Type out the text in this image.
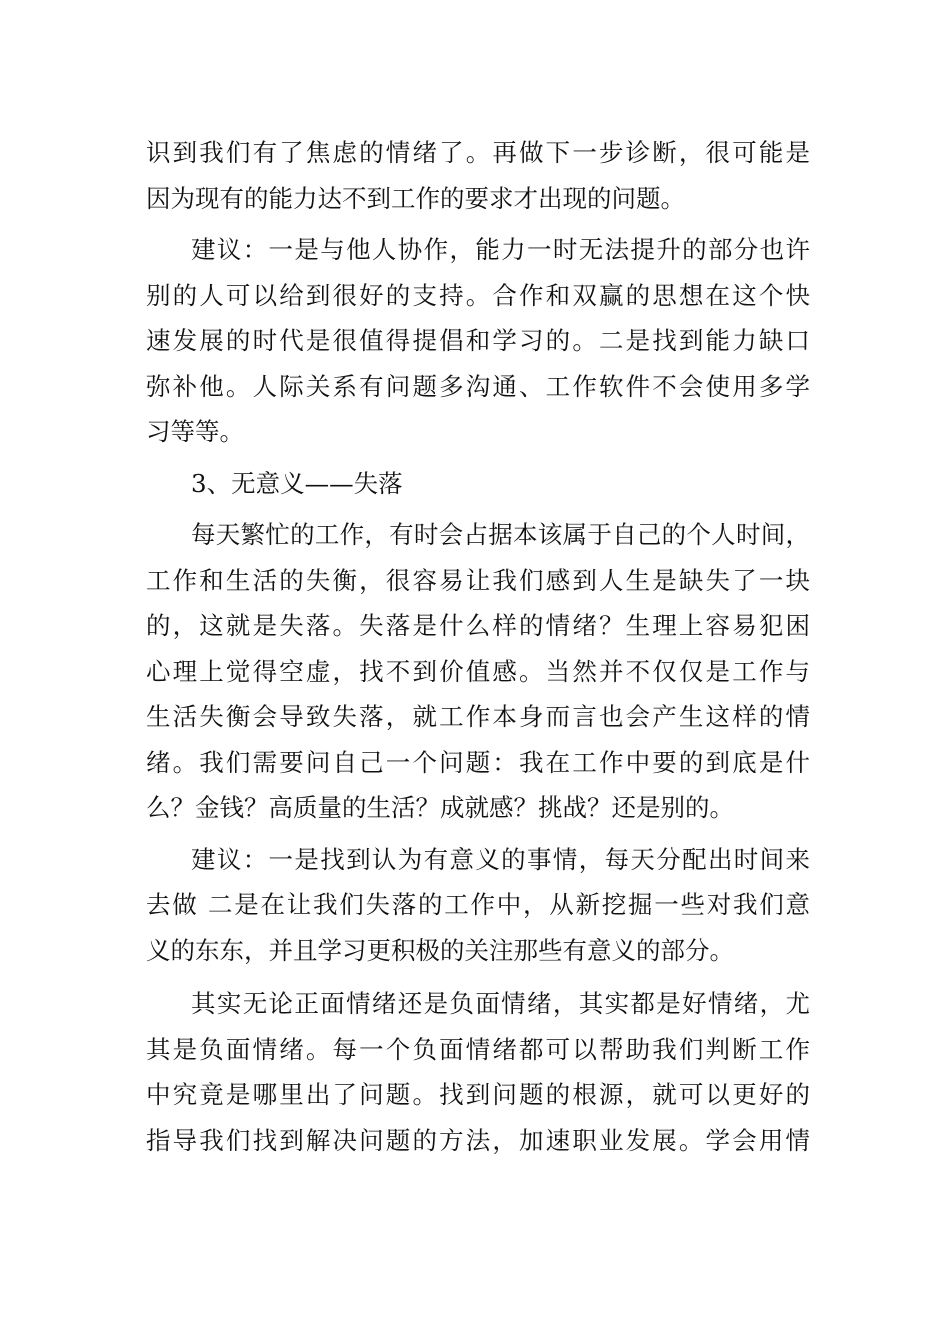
识到我们有了焦虑的情绪了。再做下一步诊断，很可能是
因为现有的能力达不到工作的要求才出现的问题。
建议：一是与他人协作，能力一时无法提升的部分也许
别的人可以给到很好的支持。合作和双赢的思想在这个快
速发展的时代是很值得提倡和学习的。二是找到能力缺口
弥补他。人际关系有问题多沟通、工作软件不会使用多学
习等等。
3、无意义——失落
每天繁忙的工作，有时会占据本该属于自己的个人时间，
工作和生活的失衡，很容易让我们感到人生是缺失了一块
的，这就是失落。失落是什么样的情绪？生理上容易犯困
心理上觉得空虚，找不到价值感。当然并不仅仅是工作与
生活失衡会导致失落，就工作本身而言也会产生这样的情
绪。我们需要问自己一个问题：我在工作中要的到底是什
么？金钱？高质量的生活？成就感？挑战？还是别的。
建议：一是找到认为有意义的事情，每天分配出时间来
去做 二是在让我们失落的工作中，从新挖掘一些对我们意
义的东东，并且学习更积极的关注那些有意义的部分。
其实无论正面情绪还是负面情绪，其实都是好情绪，尤
其是负面情绪。每一个负面情绪都可以帮助我们判断工作
中究竟是哪里出了问题。找到问题的根源，就可以更好的
指导我们找到解决问题的方法，加速职业发展。学会用情
